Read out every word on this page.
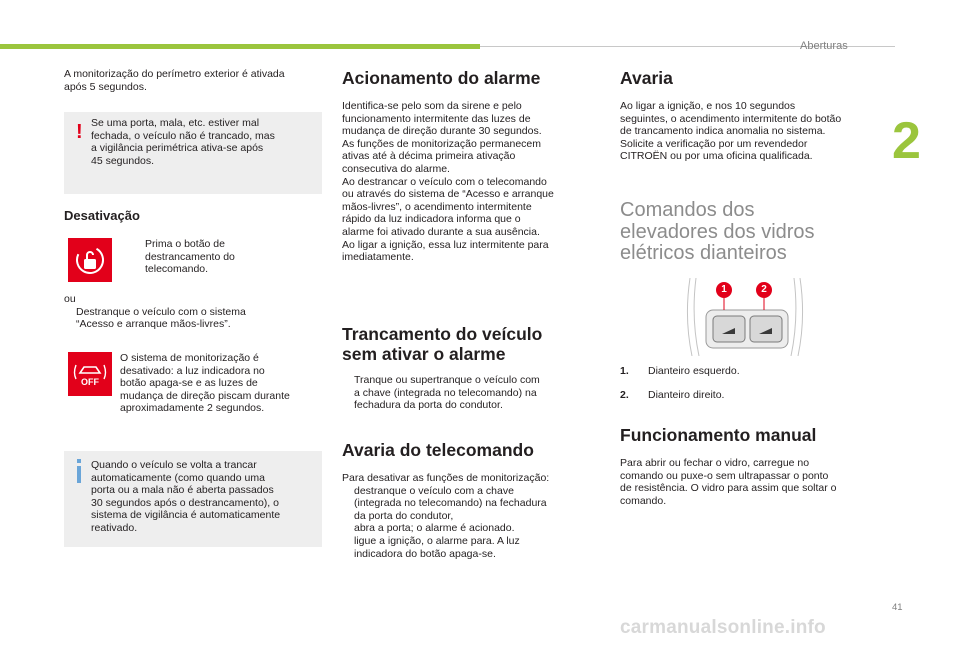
Aberturas
2

A monitorização do perímetro exterior é ativada

após 5 segundos.

! Se uma porta, mala, etc. estiver mal

fechada, o veículo não é trancado, mas

a vigilância perimétrica ativa-se após

45 segundos.

Desativação

Prima o botão de

destrancamento do

telecomando.

ou

Destranque o veículo com o sistema

“Acesso e arranque mãos-livres”.

OFF

O sistema de monitorização é

desativado: a luz indicadora no

botão apaga-se e as luzes de

mudança de direção piscam durante

aproximadamente 2 segundos.

Quando o veículo se volta a trancar

automaticamente (como quando uma

porta ou a mala não é aberta passados

30 segundos após o destrancamento), o

sistema de vigilância é automaticamente

reativado.

Acionamento do alarme

Identifica-se pelo som da sirene e pelo

funcionamento intermitente das luzes de

mudança de direção durante 30 segundos.

As funções de monitorização permanecem

ativas até à décima primeira ativação

consecutiva do alarme.

Ao destrancar o veículo com o telecomando

ou através do sistema de “Acesso e arranque

mãos-livres”, o acendimento intermitente

rápido da luz indicadora informa que o

alarme foi ativado durante a sua ausência.

Ao ligar a ignição, essa luz intermitente para

imediatamente.

Trancamento do veículo

sem ativar o alarme

Tranque ou supertranque o veículo com

a chave (integrada no telecomando) na

fechadura da porta do condutor.

Avaria do telecomando

Para desativar as funções de monitorização:

destranque o veículo com a chave

(integrada no telecomando) na fechadura

da porta do condutor,

abra a porta; o alarme é acionado.

ligue a ignição, o alarme para. A luz

indicadora do botão apaga-se.

Avaria

Ao ligar a ignição, e nos 10 segundos

seguintes, o acendimento intermitente do botão

de trancamento indica anomalia no sistema.

Solicite a verificação por um revendedor

CITROËN ou por uma oficina qualificada.

Comandos dos

elevadores dos vidros

elétricos dianteiros

1	2
1.	Dianteiro esquerdo.
2.	Dianteiro direito.
Funcionamento manual

Para abrir ou fechar o vidro, carregue no

comando ou puxe-o sem ultrapassar o ponto

de resistência. O vidro para assim que soltar o

comando.

41
carmanualsonline.info
